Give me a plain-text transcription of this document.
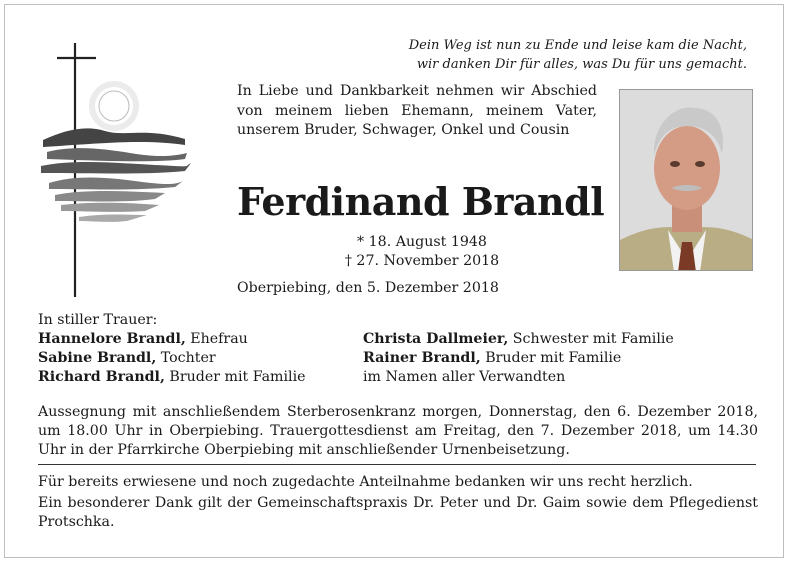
Dein Weg ist nun zu Ende und leise kam die Nacht,
wir danken Dir für alles, was Du für uns gemacht.
In Liebe und Dankbarkeit nehmen wir Abschied von meinem lieben Ehemann, meinem Vater, unserem Bruder, Schwager, Onkel und Cousin
Ferdinand Brandl
* 18. August 1948
† 27. November 2018
Oberpiebing, den 5. Dezember 2018
In stiller Trauer:
Hannelore Brandl, Ehefrau	Christa Dallmeier, Schwester mit Familie
Sabine Brandl, Tochter	Rainer Brandl, Bruder mit Familie
Richard Brandl, Bruder mit Familie	im Namen aller Verwandten
Aussegnung mit anschließendem Sterberosenkranz morgen, Donnerstag, den 6. Dezember 2018, um 18.00 Uhr in Oberpiebing. Trauergottesdienst am Freitag, den 7. Dezember 2018, um 14.30 Uhr in der Pfarrkirche Oberpiebing mit anschließender Urnenbeisetzung.
Für bereits erwiesene und noch zugedachte Anteilnahme bedanken wir uns recht herzlich.
Ein besonderer Dank gilt der Gemeinschaftspraxis Dr. Peter und Dr. Gaim sowie dem Pflegedienst Protschka.
